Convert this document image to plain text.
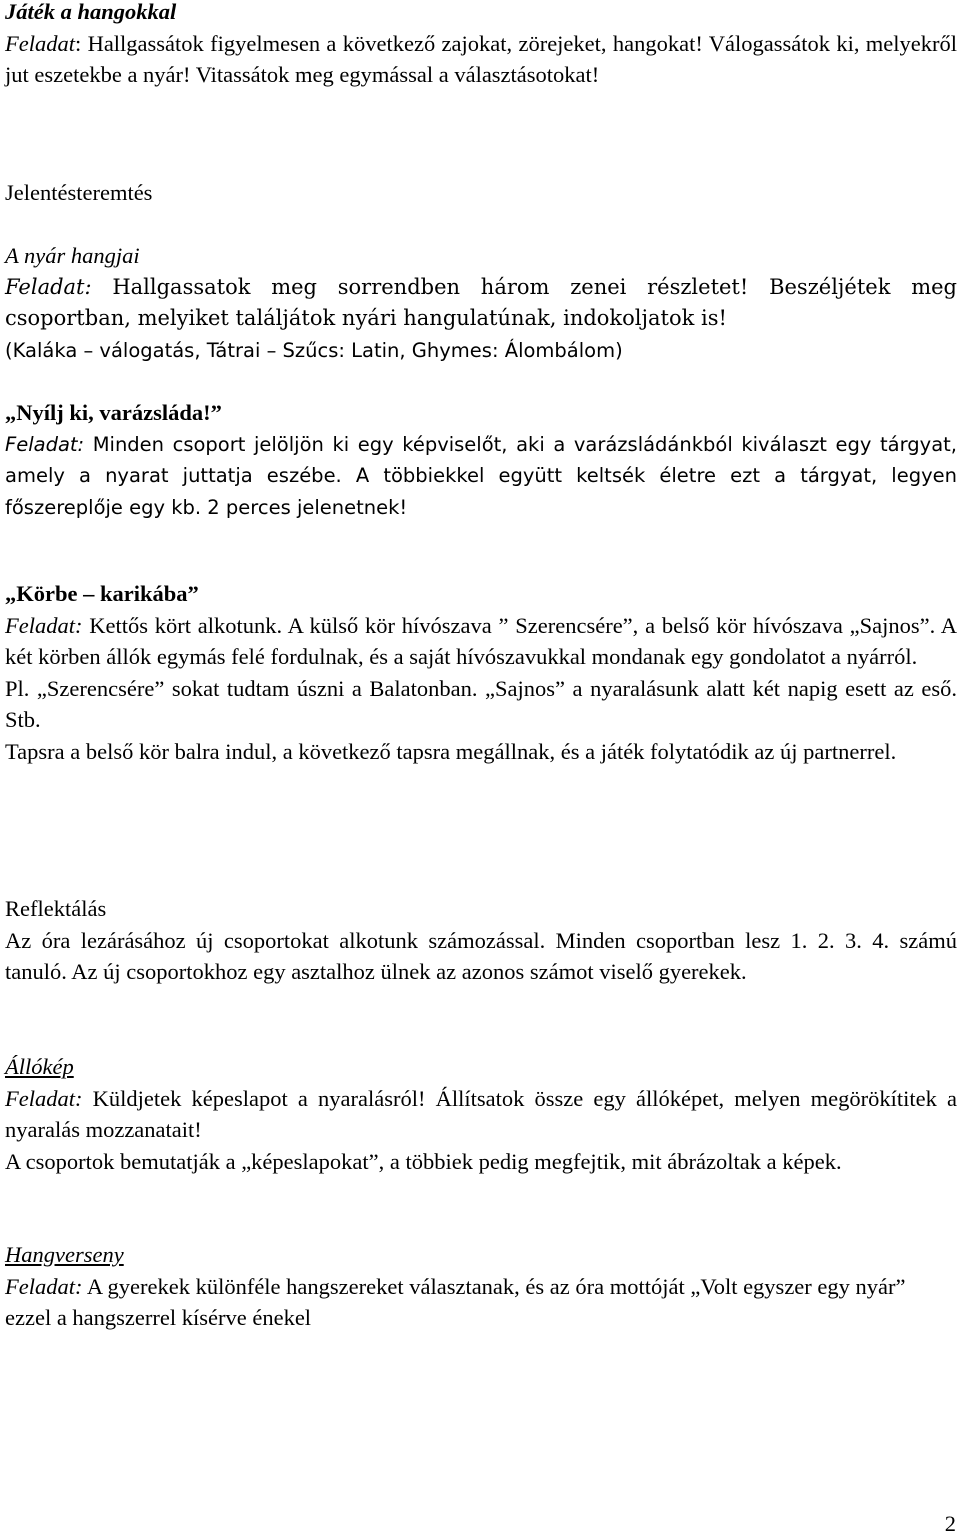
Játék a hangokkal

Feladat: Hallgassátok figyelmesen a következő zajokat, zörejeket, hangokat! Válogassátok ki, melyekről jut eszetekbe a nyár! Vitassátok meg egymással a választásotokat!

Jelentésteremtés

A nyár hangjai

Feladat: Hallgassatok meg sorrendben három zenei részletet! Beszéljétek meg csoportban, melyiket találjátok nyári hangulatúnak, indokoljatok is!

(Kaláka – válogatás, Tátrai – Szűcs: Latin, Ghymes: Álombálom)

„Nyílj ki, varázsláda!”

Feladat: Minden csoport jelöljön ki egy képviselőt, aki a varázsládánkból kiválaszt egy tárgyat, amely a nyarat juttatja eszébe. A többiekkel együtt keltsék életre ezt a tárgyat, legyen főszereplője egy kb. 2 perces jelenetnek!

„Körbe – karikába”

Feladat: Kettős kört alkotunk. A külső kör hívószava ” Szerencsére”, a belső kör hívószava „Sajnos”. A két körben állók egymás felé fordulnak, és a saját hívószavukkal mondanak egy gondolatot a nyárról.

Pl. „Szerencsére” sokat tudtam úszni a Balatonban. „Sajnos” a nyaralásunk alatt két napig esett az eső. Stb.

Tapsra a belső kör balra indul, a következő tapsra megállnak, és a játék folytatódik az új partnerrel.

Reflektálás

Az óra lezárásához új csoportokat alkotunk számozással. Minden csoportban lesz 1. 2. 3. 4. számú tanuló. Az új csoportokhoz egy asztalhoz ülnek az azonos számot viselő gyerekek.

Állókép

Feladat: Küldjetek képeslapot a nyaralásról! Állítsatok össze egy állóképet, melyen megörökítitek a nyaralás mozzanatait!

A csoportok bemutatják a „képeslapokat”, a többiek pedig megfejtik, mit ábrázoltak a képek.

Hangverseny

Feladat: A gyerekek különféle hangszereket választanak, és az óra mottóját „Volt egyszer egy nyár” ezzel a hangszerrel kísérve énekel

2
